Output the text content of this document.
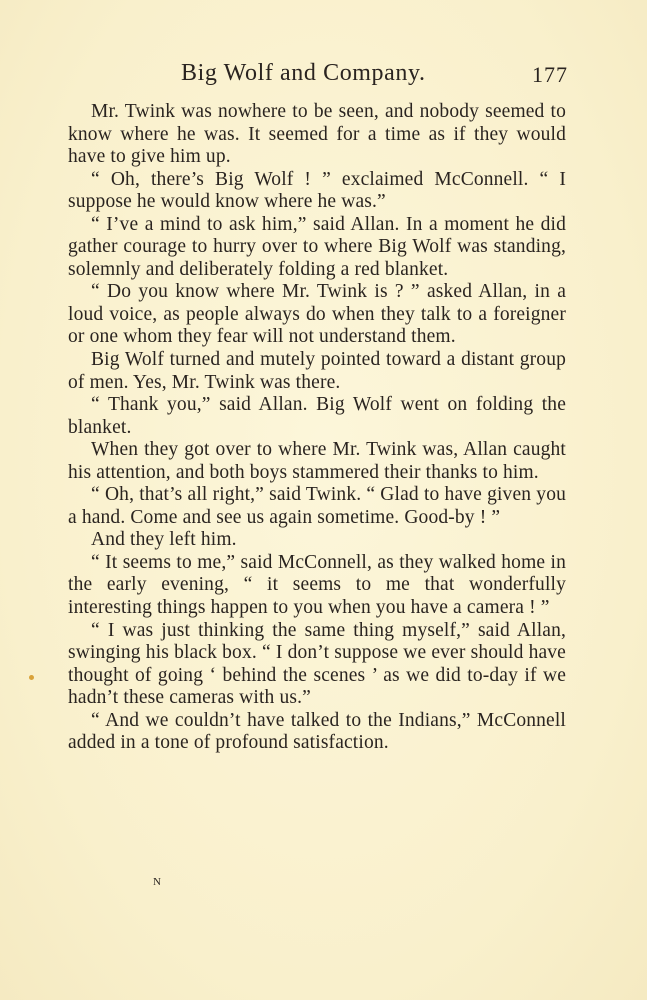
Big Wolf and Company.	177

Mr. Twink was nowhere to be seen, and nobody seemed to know where he was. It seemed for a time as if they would have to give him up.

“ Oh, there’s Big Wolf ! ” exclaimed McConnell. “ I suppose he would know where he was.”

“ I’ve a mind to ask him,” said Allan. In a moment he did gather courage to hurry over to where Big Wolf was standing, solemnly and deliberately folding a red blanket.

“ Do you know where Mr. Twink is ? ” asked Allan, in a loud voice, as people always do when they talk to a foreigner or one whom they fear will not understand them.

Big Wolf turned and mutely pointed toward a distant group of men. Yes, Mr. Twink was there.

“ Thank you,” said Allan. Big Wolf went on folding the blanket.

When they got over to where Mr. Twink was, Allan caught his attention, and both boys stammered their thanks to him.

“ Oh, that’s all right,” said Twink. “ Glad to have given you a hand. Come and see us again sometime. Good-by ! ”

And they left him.

“ It seems to me,” said McConnell, as they walked home in the early evening, “ it seems to me that wonderfully interesting things happen to you when you have a camera ! ”

“ I was just thinking the same thing myself,” said Allan, swinging his black box. “ I don’t suppose we ever should have thought of going ‘ behind the scenes ’ as we did to-day if we hadn’t these cameras with us.”

“ And we couldn’t have talked to the Indians,” McConnell added in a tone of profound satisfaction.

N
